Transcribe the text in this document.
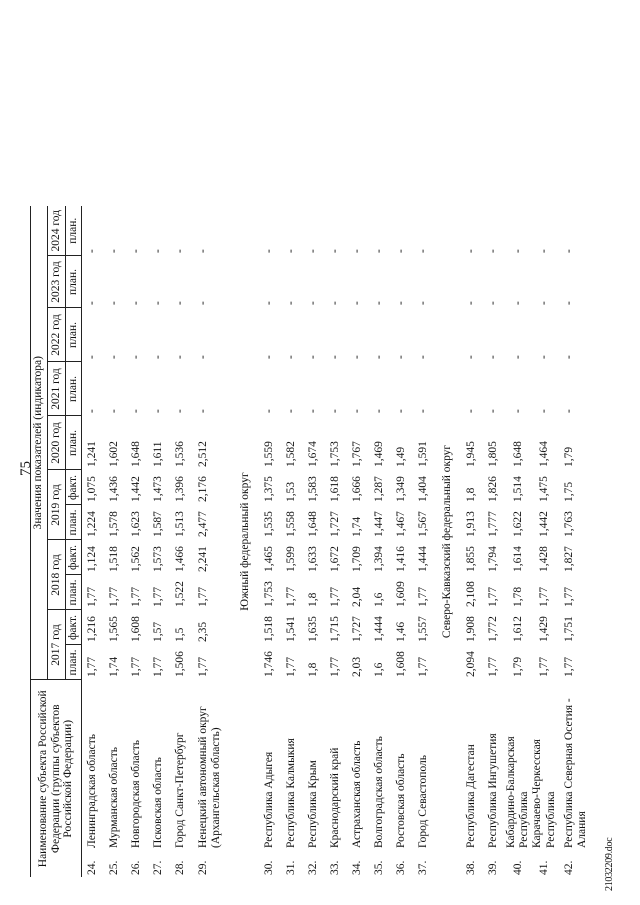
75
21032209.doc
Наименование субъекта Российской Федерации (группы субъектов Российской Федерации)		Значения показателей (индикатора)										
		2017 год		2018 год		2019 год		2020 год	2021 год	2022 год	2023 год	2024 год
		план.	факт.	план.	факт.	план.	факт.	план.	план.	план.	план.	план.
24.	Ленинградская область	1,77	1,216	1,77	1,124	1,224	1,075	1,241	-	-	-	-
25.	Мурманская область	1,74	1,565	1,77	1,518	1,578	1,436	1,602	-	-	-	-
26.	Новгородская область	1,77	1,608	1,77	1,562	1,623	1,442	1,648	-	-	-	-
27.	Псковская область	1,77	1,57	1,77	1,573	1,587	1,473	1,611	-	-	-	-
28.	Город Санкт-Петербург	1,506	1,5	1,522	1,466	1,513	1,396	1,536	-	-	-	-
29.	Ненецкий автономный округ (Архангельская область)	1,77	2,35	1,77	2,241	2,477	2,176	2,512	-	-	-	-
Южный федеральный округ												
30.	Республика Адыгея	1,746	1,518	1,753	1,465	1,535	1,375	1,559	-	-	-	-
31.	Республика Калмыкия	1,77	1,541	1,77	1,599	1,558	1,53	1,582	-	-	-	-
32.	Республика Крым	1,8	1,635	1,8	1,633	1,648	1,583	1,674	-	-	-	-
33.	Краснодарский край	1,77	1,715	1,77	1,672	1,727	1,618	1,753	-	-	-	-
34.	Астраханская область	2,03	1,727	2,04	1,709	1,74	1,666	1,767	-	-	-	-
35.	Волгоградская область	1,6	1,444	1,6	1,394	1,447	1,287	1,469	-	-	-	-
36.	Ростовская область	1,608	1,46	1,609	1,416	1,467	1,349	1,49	-	-	-	-
37.	Город Севастополь	1,77	1,557	1,77	1,444	1,567	1,404	1,591	-	-	-	-
Северо-Кавказский федеральный округ												
38.	Республика Дагестан	2,094	1,908	2,108	1,855	1,913	1,8	1,945	-	-	-	-
39.	Республика Ингушетия	1,77	1,772	1,77	1,794	1,777	1,826	1,805	-	-	-	-
40.	Кабардино-Балкарская Республика	1,79	1,612	1,78	1,614	1,622	1,514	1,648	-	-	-	-
41.	Карачаево-Черкесская Республика	1,77	1,429	1,77	1,428	1,442	1,475	1,464	-	-	-	-
42.	Республика Северная Осетия - Алания	1,77	1,751	1,77	1,827	1,763	1,75	1,79	-	-	-	-
